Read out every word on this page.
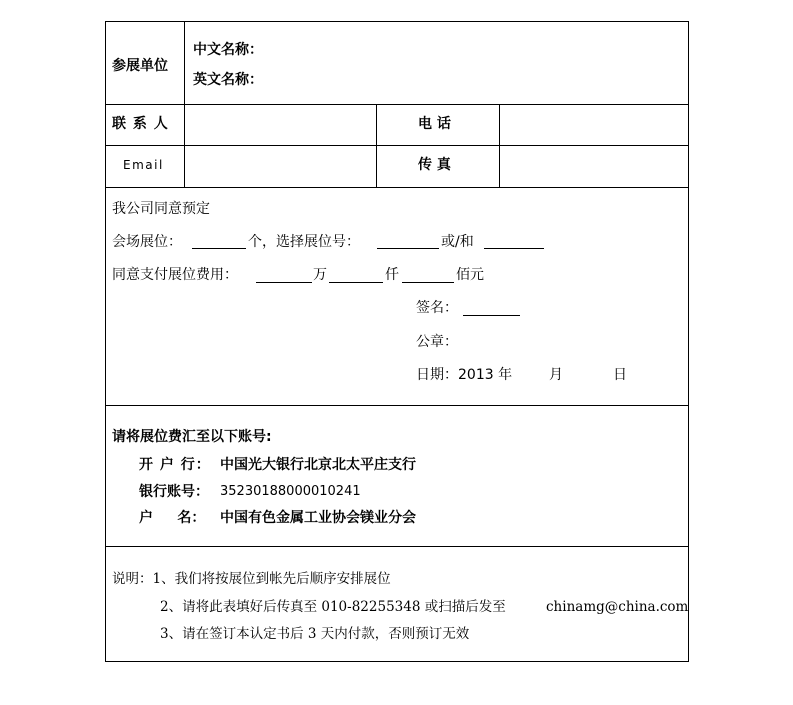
参展单位
中文名称：
英文名称：
联 系 人	电 话
Email	传 真
我公司同意预定
会场展位：	个，选择展位号：	或/和
同意支付展位费用：	万	仟	佰元
签名：
公章：
日期：2013 年	月	日
请将展位费汇至以下账号:
开 户 行： 中国光大银行北京北太平庄支行
银行账号： 35230188000010241
户     名： 中国有色金属工业协会镁业分会
说明：1、我们将按展位到帐先后顺序安排展位
2、请将此表填好后传真至 010-82255348 或扫描后发至	chinamg@china.com
3、请在签订本认定书后 3 天内付款，否则预订无效
